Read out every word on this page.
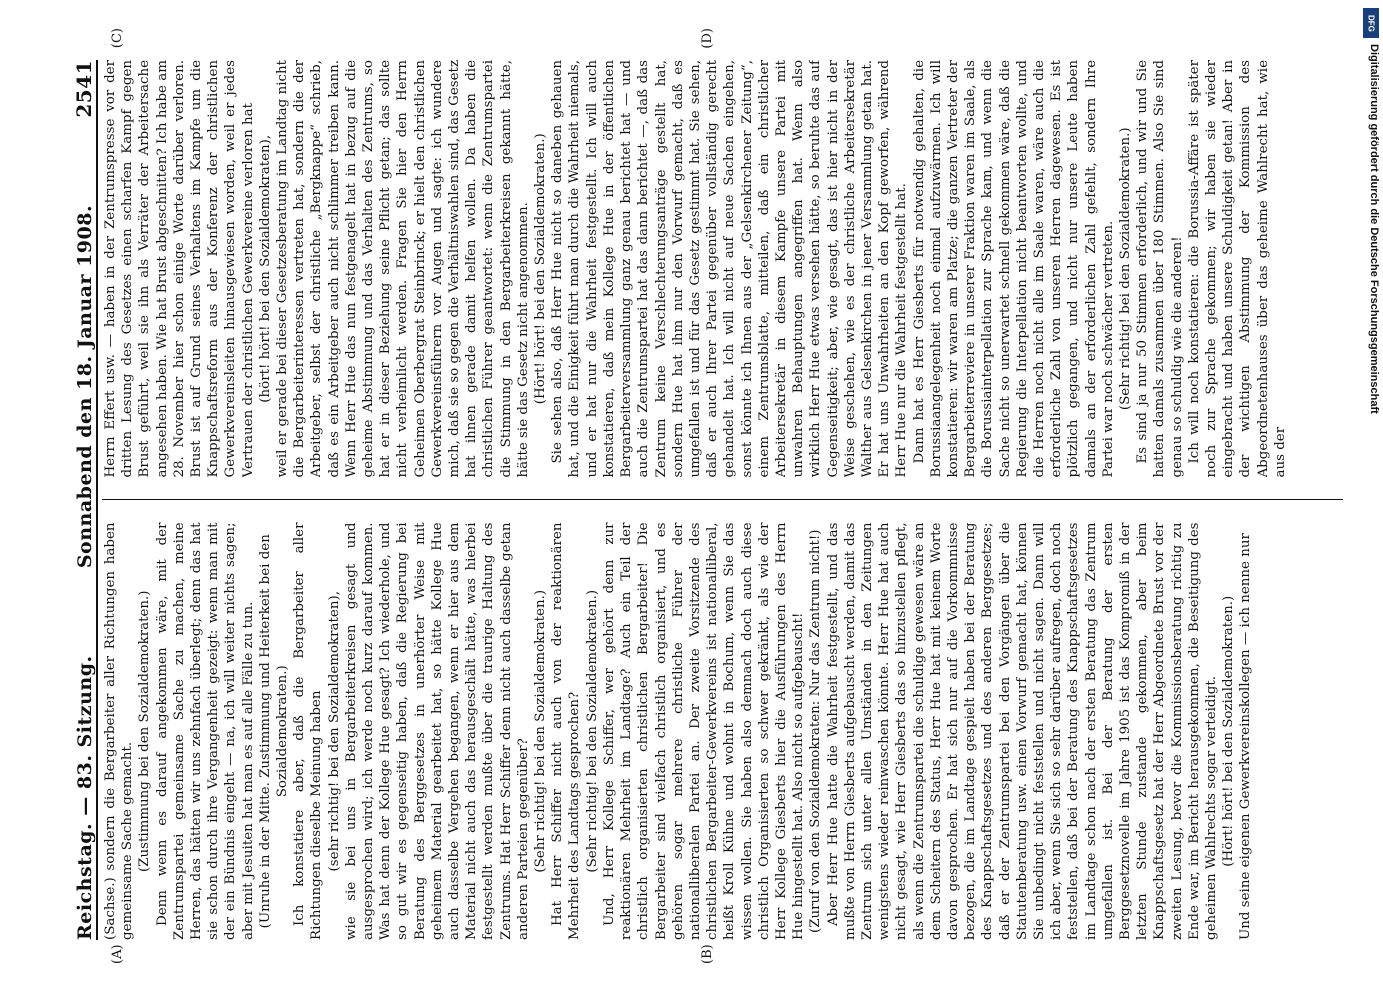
Reichstag. — 83. Sitzung.
Sonnabend den 18. Januar 1908.
2541

(Sachse.) sondern die Bergarbeiter aller Richtungen haben gemeinsame Sache gemacht. (Zustimmung bei den Sozialdemokraten.) Denn wenn es darauf angekommen wäre, mit der Zentrumspartei gemeinsame Sache zu machen, meine Herren, das hätten wir uns zehnfach überlegt; denn das hat sie schon durch ihre Vergangenheit gezeigt: wenn man mit der ein Bündnis eingeht — na, ich will weiter nichts sagen; aber mit Jesuiten hat man es auf alle Fälle zu tun. (Unruhe in der Mitte. Zustimmung und Heiterkeit bei den Sozialdemokraten.) Ich konstatiere aber, daß die Bergarbeiter aller Richtungen dieselbe Meinung haben (sehr richtig! bei den Sozialdemokraten), wie sie bei uns in Bergarbeiterkreisen gesagt und ausgesprochen wird; ich werde noch kurz darauf kommen. Was hat denn der Kollege Hue gesagt? Ich wiederhole, und so gut wir es gegenseitig haben, daß die Regierung bei Beratung des Berggesetzes in unerhörter Weise mit geheimem Material gearbeitet hat, so hätte Kollege Hue auch dasselbe Vergehen begangen, wenn er hier aus dem Material nicht auch das herausgeschält hätte, was hierbei festgestellt werden mußte über die traurige Haltung des Zentrums. Hat Herr Schiffer denn nicht auch dasselbe getan anderen Parteien gegenüber? (Sehr richtig! bei den Sozialdemokraten.) Hat Herr Schiffer nicht auch von der reaktionären Mehrheit des Landtags gesprochen? (Sehr richtig! bei den Sozialdemokraten.) Und, Herr Kollege Schiffer, wer gehört denn zur reaktionären Mehrheit im Landtage? Auch ein Teil der christlich organisierten christlichen Bergarbeiter! Die Bergarbeiter sind vielfach christlich organisiert, und es gehören sogar mehrere christliche Führer der nationalliberalen Partei an. Der zweite Vorsitzende des christlichen Bergarbeiter-Gewerkvereins ist nationalliberal, heißt Kroll Kühne und wohnt in Bochum, wenn Sie das wissen wollen. Sie haben also demnach doch auch diese christlich Organisierten so schwer gekränkt, als wie der Herr Kollege Giesberts hier die Ausführungen des Herrn Hue hingestellt hat. Also nicht so aufgebauscht! (Zuruf von den Sozialdemokraten: Nur das Zentrum nicht!) Aber Herr Hue hatte die Wahrheit festgestellt, und das mußte von Herrn Giesberts aufgebauscht werden, damit das Zentrum sich unter allen Umständen in den Zeitungen wenigstens wieder reinwaschen könnte. Herr Hue hat auch nicht gesagt, wie Herr Giesberts das so hinzustellen pflegt, als wenn die Zentrumspartei die schuldige gewesen wäre an dem Scheitern des Status, Herr Hue hat mit keinem Worte davon gesprochen. Er hat sich nur auf die Vorkommnisse bezogen, die im Landtage gespielt haben bei der Beratung des Knappschaftsgesetzes und des anderen Berggesetzes; daß er der Zentrumspartei bei den Vorgängen über die Statutenberatung usw. einen Vorwurf gemacht hat, können Sie unbedingt nicht feststellen und nicht sagen. Dann will ich aber, wenn Sie sich so sehr darüber aufregen, doch noch feststellen, daß bei der Beratung des Knappschaftsgesetzes im Landtage schon nach der ersten Beratung das Zentrum umgefallen ist. Bei der Beratung der ersten Berggesetznovelle im Jahre 1905 ist das Kompromiß in der letzten Stunde zustande gekommen, aber beim Knappschaftsgesetz hat der Herr Abgeordnete Brust vor der zweiten Lesung, bevor die Kommissionsberatung richtig zu Ende war, im Bericht herausgekommen, die Beseitigung des geheimen Wahlrechts sogar verteidigt. (Hört! hört! bei den Sozialdemokraten.) Und seine eigenen Gewerkvereinskollegen — ich nenne nur

Herrn Effert usw. — haben in der Zentrumspresse vor der dritten Lesung des Gesetzes einen scharfen Kampf gegen Brust geführt, weil sie ihn als Verräter der Arbeitersache angesehen haben. Wie hat Brust abgeschnitten? Ich habe am 28. November hier schon einige Worte darüber verloren. Brust ist auf Grund seines Verhaltens im Kampfe um die Knappschaftsreform aus der Konferenz der christlichen Gewerkvereinsleiten hinausgewiesen worden, weil er jedes Vertrauen der christlichen Gewerkvereine verloren hat (hört! hört! bei den Sozialdemokraten), weil er gerade bei dieser Gesetzesberatung im Landtag nicht die Bergarbeiterinteressen vertreten hat, sondern die der Arbeitgeber, selbst der christliche „Bergknappe“ schrieb, daß es ein Arbeitgeber auch nicht schlimmer treiben kann. Wenn Herr Hue das nun festgenagelt hat in bezug auf die geheime Abstimmung und das Verhalten des Zentrums, so hat er in dieser Beziehung seine Pflicht getan; das sollte nicht verheimlicht werden. Fragen Sie hier den Herrn Geheimen Oberbergrat Steinbrinck; er hielt den christlichen Gewerkvereinsführern vor Augen und sagte: ich wundere mich, daß sie so gegen die Verhältniswahlen sind, das Gesetz hat ihnen gerade damit helfen wollen. Da haben die christlichen Führer geantwortet: wenn die Zentrumspartei die Stimmung in den Bergarbeiterkreisen gekannt hätte, hätte sie das Gesetz nicht angenommen. (Hört! hört! bei den Sozialdemokraten.) Sie sehen also, daß Herr Hue nicht so daneben gehauen hat, und die Einigkeit führt man durch die Wahrheit niemals, und er hat nur die Wahrheit festgestellt. Ich will auch konstatieren, daß mein Kollege Hue in der öffentlichen Bergarbeiterversammlung ganz genau berichtet hat — und auch die Zentrumspartei hat das dann berichtet —, daß das Zentrum keine Verschlechterungsanträge gestellt hat, sondern Hue hat ihm nur den Vorwurf gemacht, daß es umgefallen ist und für das Gesetz gestimmt hat. Sie sehen, daß er auch Ihrer Partei gegenüber vollständig gerecht gehandelt hat. Ich will nicht auf neue Sachen eingehen, sonst könnte ich Ihnen aus der „Gelsenkirchener Zeitung“, einem Zentrumsblatte, mitteilen, daß ein christlicher Arbeitersekretär in diesem Kampfe unsere Partei mit unwahren Behauptungen angegriffen hat. Wenn also wirklich Herr Hue etwas versehen hätte, so beruhte das auf Gegenseitigkeit; aber, wie gesagt, das ist hier nicht in der Weise geschehen, wie es der christliche Arbeitersekretär Walther aus Gelsenkirchen in jener Versammlung getan hat. Er hat uns Unwahrheiten an den Kopf geworfen, während Herr Hue nur die Wahrheit festgestellt hat. Dann hat es Herr Giesberts für notwendig gehalten, die Borussiaangelegenheit noch einmal aufzuwärmen. Ich will konstatieren: wir waren am Platze; die ganzen Vertreter der Bergarbeiterreviere in unserer Fraktion waren im Saale, als die Borussiainterpellation zur Sprache kam, und wenn die Sache nicht so unerwartet schnell gekommen wäre, daß die Regierung die Interpellation nicht beantworten wollte, und die Herren noch nicht alle im Saale waren, wäre auch die erforderliche Zahl von unseren Herren dagewesen. Es ist plötzlich gegangen, und nicht nur unsere Leute haben damals an der erforderlichen Zahl gefehlt, sondern Ihre Partei war noch schwächer vertreten. (Sehr richtig! bei den Sozialdemokraten.) Es sind ja nur 50 Stimmen erforderlich, und wir und Sie hatten damals zusammen über 180 Stimmen. Also Sie sind genau so schuldig wie die anderen! Ich will noch konstatieren: die Borussia-Affäre ist später noch zur Sprache gekommen; wir haben sie wieder eingebracht und haben unsere Schuldigkeit getan! Aber in der wichtigen Abstimmung der Kommission des Abgeordnetenhauses über das geheime Wahlrecht hat, wie aus der

(A)	(B)
(C)	(D)
DFG
Digitalisierung gefördert durch die Deutsche Forschungsgemeinschaft
